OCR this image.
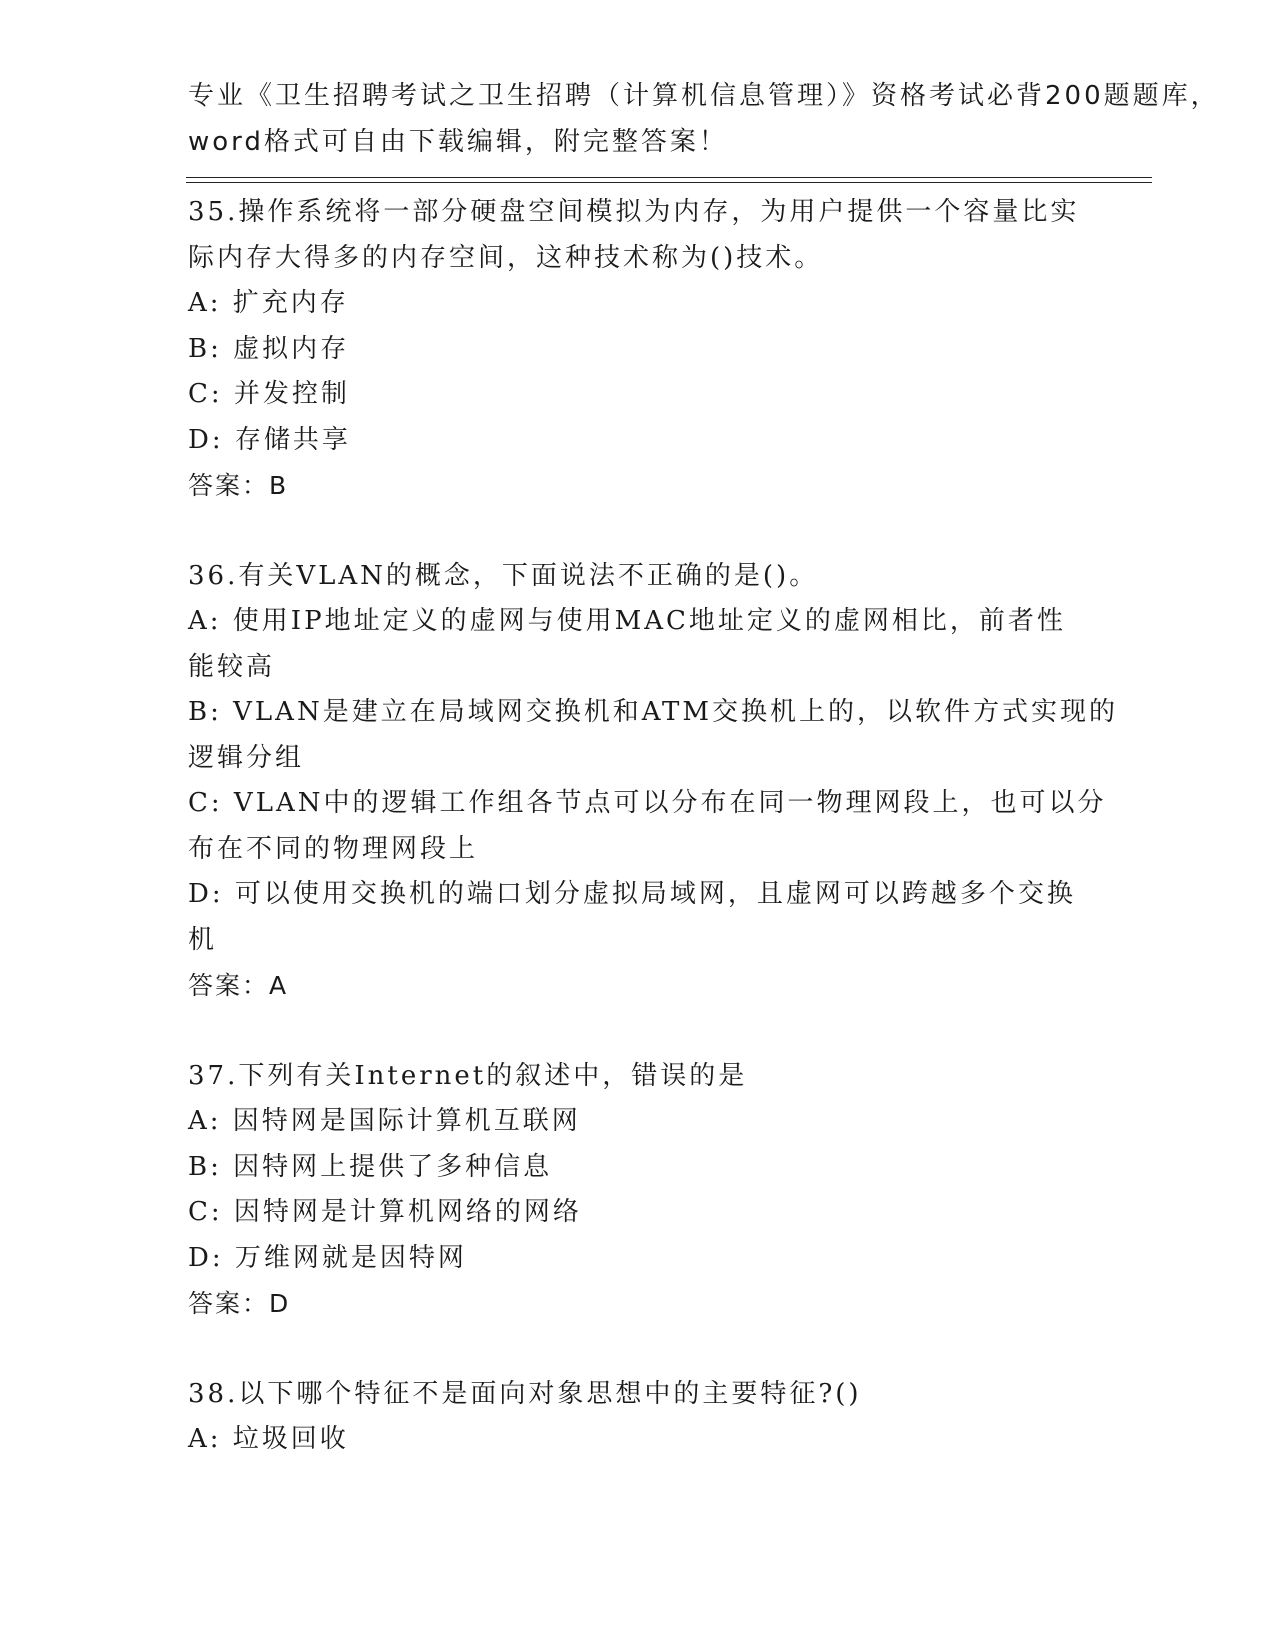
专业《卫生招聘考试之卫生招聘（计算机信息管理）》资格考试必背200题题库，
word格式可自由下载编辑，附完整答案！
35.操作系统将一部分硬盘空间模拟为内存，为用户提供一个容量比实
际内存大得多的内存空间，这种技术称为()技术。
A: 扩充内存
B: 虚拟内存
C: 并发控制
D: 存储共享
答案：B
36.有关VLAN的概念，下面说法不正确的是()。
A: 使用IP地址定义的虚网与使用MAC地址定义的虚网相比，前者性
能较高
B: VLAN是建立在局域网交换机和ATM交换机上的，以软件方式实现的
逻辑分组
C: VLAN中的逻辑工作组各节点可以分布在同一物理网段上，也可以分
布在不同的物理网段上
D: 可以使用交换机的端口划分虚拟局域网，且虚网可以跨越多个交换
机
答案：A
37.下列有关Internet的叙述中，错误的是
A: 因特网是国际计算机互联网
B: 因特网上提供了多种信息
C: 因特网是计算机网络的网络
D: 万维网就是因特网
答案：D
38.以下哪个特征不是面向对象思想中的主要特征?()
A: 垃圾回收
